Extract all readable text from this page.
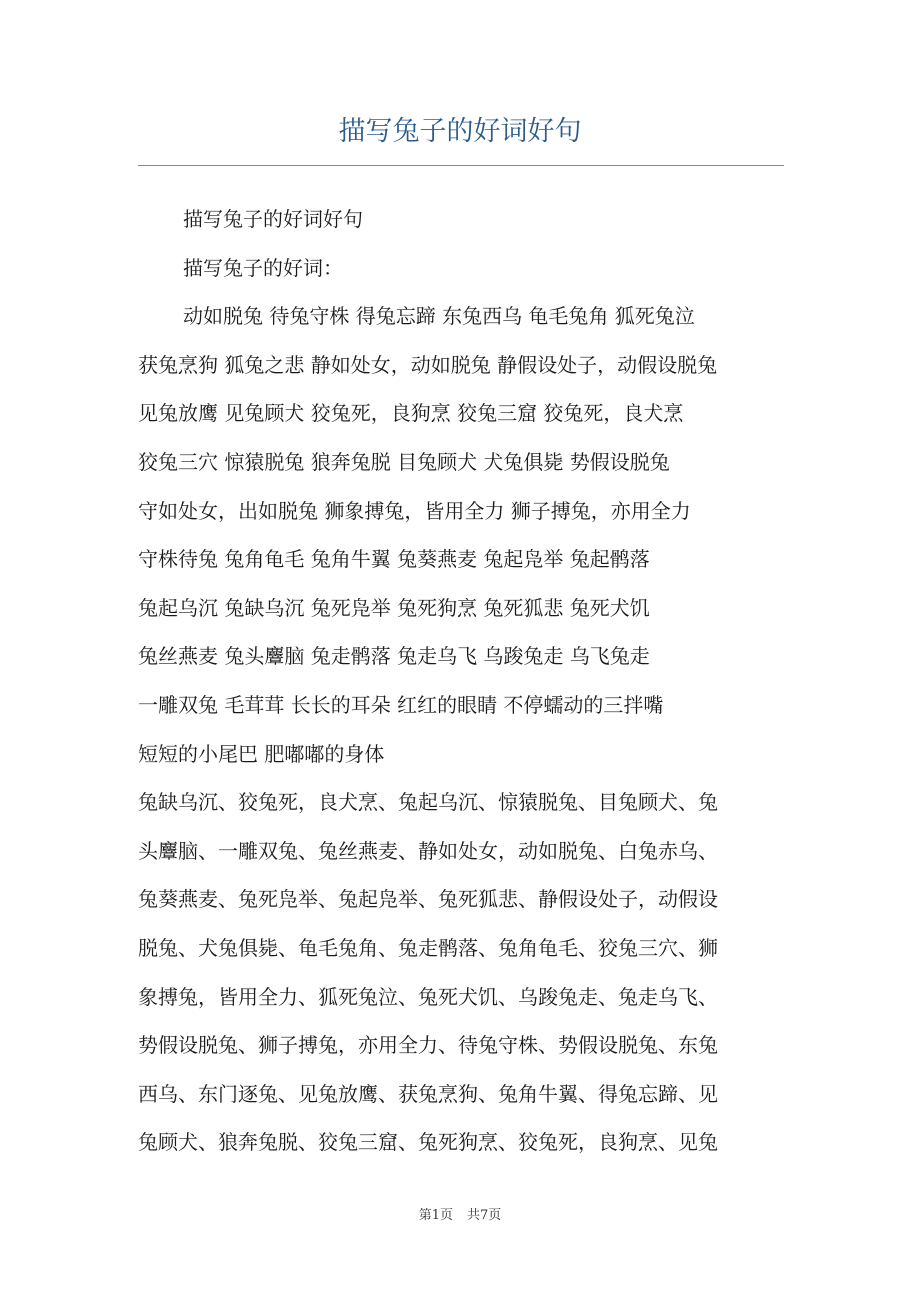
描写兔子的好词好句
描写兔子的好词好句
描写兔子的好词：
动如脱兔 待兔守株 得兔忘蹄 东兔西乌 龟毛兔角 狐死兔泣
获兔烹狗 狐兔之悲 静如处女，动如脱兔 静假设处子，动假设脱兔
见兔放鹰 见兔顾犬 狡兔死，良狗烹 狡兔三窟 狡兔死，良犬烹
狡兔三穴 惊猿脱兔 狼奔兔脱 目兔顾犬 犬兔俱毙 势假设脱兔
守如处女，出如脱兔 狮象搏兔，皆用全力 狮子搏兔，亦用全力
守株待兔 兔角龟毛 兔角牛翼 兔葵燕麦 兔起凫举 兔起鹘落
兔起乌沉 兔缺乌沉 兔死凫举 兔死狗烹 兔死狐悲 兔死犬饥
兔丝燕麦 兔头麞脑 兔走鹘落 兔走乌飞 乌踆兔走 乌飞兔走
一雕双兔 毛茸茸 长长的耳朵 红红的眼睛 不停蠕动的三拌嘴
短短的小尾巴 肥嘟嘟的身体
兔缺乌沉、狡兔死，良犬烹、兔起乌沉、惊猿脱兔、目兔顾犬、兔
头麞脑、一雕双兔、兔丝燕麦、静如处女，动如脱兔、白兔赤乌、
兔葵燕麦、兔死凫举、兔起凫举、兔死狐悲、静假设处子，动假设
脱兔、犬兔俱毙、龟毛兔角、兔走鹘落、兔角龟毛、狡兔三穴、狮
象搏兔，皆用全力、狐死兔泣、兔死犬饥、乌踆兔走、兔走乌飞、
势假设脱兔、狮子搏兔，亦用全力、待兔守株、势假设脱兔、东兔
西乌、东门逐兔、见兔放鹰、获兔烹狗、兔角牛翼、得兔忘蹄、见
兔顾犬、狼奔兔脱、狡兔三窟、兔死狗烹、狡兔死，良狗烹、见兔
第1页 共7页
